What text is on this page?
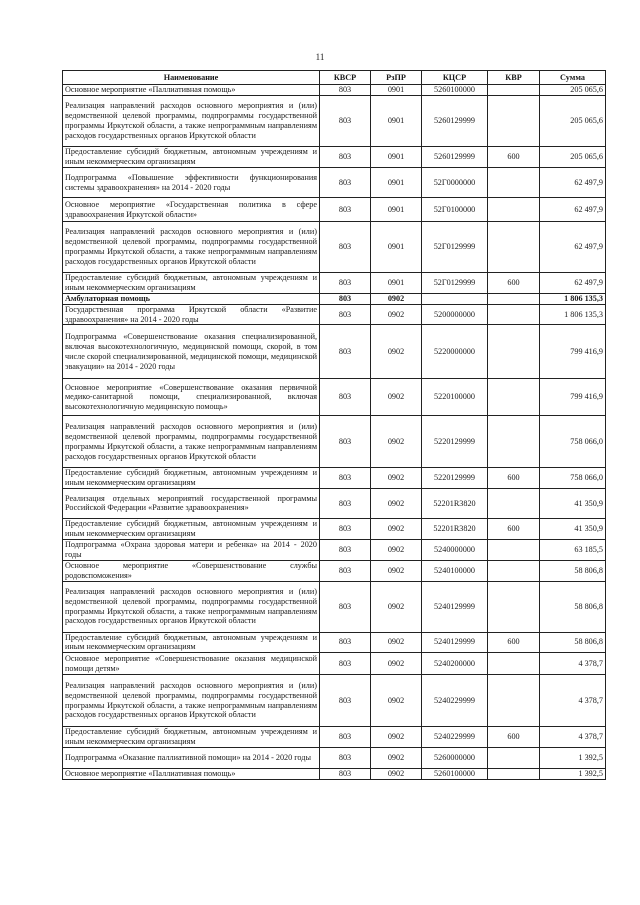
11
Наименование	КВСР	РзПР	КЦСР	КВР	Сумма
Основное мероприятие «Паллиативная помощь»	803	0901	5260100000		205 065,6
Реализация направлений расходов основного мероприятия и (или) ведомственной целевой программы, подпрограммы государственной программы Иркутской области, а также непрограммным направлениям расходов государственных органов Иркутской области	803	0901	5260129999		205 065,6
Предоставление субсидий бюджетным, автономным учреждениям и иным некоммерческим организациям	803	0901	5260129999	600	205 065,6
Подпрограмма «Повышение эффективности функционирования системы здравоохранения» на 2014 - 2020 годы	803	0901	52Г0000000		62 497,9
Основное мероприятие «Государственная политика в сфере здравоохранения Иркутской области»	803	0901	52Г0100000		62 497,9
Реализация направлений расходов основного мероприятия и (или) ведомственной целевой программы, подпрограммы государственной программы Иркутской области, а также непрограммным направлениям расходов государственных органов Иркутской области	803	0901	52Г0129999		62 497,9
Предоставление субсидий бюджетным, автономным учреждениям и иным некоммерческим организациям	803	0901	52Г0129999	600	62 497,9
Амбулаторная помощь	803	0902			1 806 135,3
Государственная программа Иркутской области «Развитие здравоохранения» на 2014 - 2020 годы	803	0902	5200000000		1 806 135,3
Подпрограмма «Совершенствование оказания специализированной, включая высокотехнологичную, медицинской помощи, скорой, в том числе скорой специализированной, медицинской помощи, медицинской эвакуации» на 2014 - 2020 годы	803	0902	5220000000		799 416,9
Основное мероприятие «Совершенствование оказания первичной медико-санитарной помощи, специализированной, включая высокотехнологичную медицинскую помощь»	803	0902	5220100000		799 416,9
Реализация направлений расходов основного мероприятия и (или) ведомственной целевой программы, подпрограммы государственной программы Иркутской области, а также непрограммным направлениям расходов государственных органов Иркутской области	803	0902	5220129999		758 066,0
Предоставление субсидий бюджетным, автономным учреждениям и иным некоммерческим организациям	803	0902	5220129999	600	758 066,0
Реализация отдельных мероприятий государственной программы Российской Федерации «Развитие здравоохранения»	803	0902	52201R3820		41 350,9
Предоставление субсидий бюджетным, автономным учреждениям и иным некоммерческим организациям	803	0902	52201R3820	600	41 350,9
Подпрограмма «Охрана здоровья матери и ребенка» на 2014 - 2020 годы	803	0902	5240000000		63 185,5
Основное мероприятие «Совершенствование службы родовспоможения»	803	0902	5240100000		58 806,8
Реализация направлений расходов основного мероприятия и (или) ведомственной целевой программы, подпрограммы государственной программы Иркутской области, а также непрограммным направлениям расходов государственных органов Иркутской области	803	0902	5240129999		58 806,8
Предоставление субсидий бюджетным, автономным учреждениям и иным некоммерческим организациям	803	0902	5240129999	600	58 806,8
Основное мероприятие «Совершенствование оказания медицинской помощи детям»	803	0902	5240200000		4 378,7
Реализация направлений расходов основного мероприятия и (или) ведомственной целевой программы, подпрограммы государственной программы Иркутской области, а также непрограммным направлениям расходов государственных органов Иркутской области	803	0902	5240229999		4 378,7
Предоставление субсидий бюджетным, автономным учреждениям и иным некоммерческим организациям	803	0902	5240229999	600	4 378,7
Подпрограмма «Оказание паллиативной помощи» на 2014 - 2020 годы	803	0902	5260000000		1 392,5
Основное мероприятие «Паллиативная помощь»	803	0902	5260100000		1 392,5
